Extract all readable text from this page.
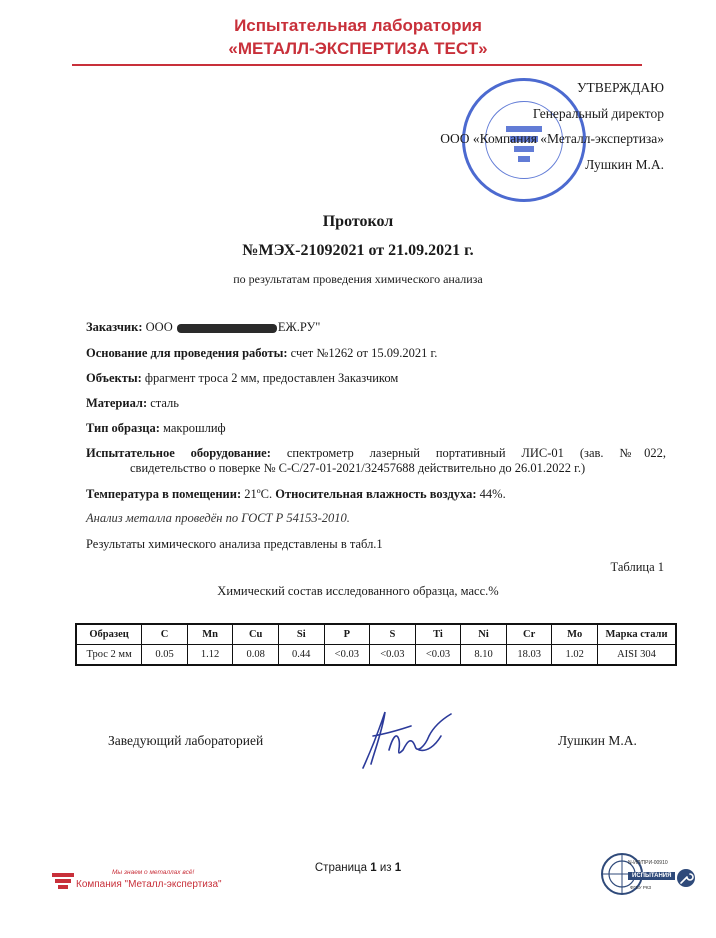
Испытательная лаборатория
«МЕТАЛЛ-ЭКСПЕРТИЗА ТЕСТ»
УТВЕРЖДАЮ
Генеральный директор
ООО «Компания «Металл-экспертиза»
Лушкин М.А.
Протокол
№МЭХ-21092021 от 21.09.2021 г.
по результатам проведения химического анализа
Заказчик: ООО	ЕЖ.РУ"
Основание для проведения работы: счет №1262 от 15.09.2021 г.
Объекты: фрагмент троса 2 мм, предоставлен Заказчиком
Материал: сталь
Тип образца: макрошлиф
Испытательное оборудование: спектрометр лазерный портативный ЛИС-01 (зав. №022,
свидетельство о поверке № С-С/27-01-2021/32457688 действительно до 26.01.2022 г.)
Температура в помещении: 21ºС. Относительная влажность воздуха: 44%.
Анализ металла проведён по ГОСТ Р 54153-2010.
Результаты химического анализа представлены в табл.1
Таблица 1
Химический состав исследованного образца, масс.%
Образец	C	Mn	Cu	Si	P	S	Ti	Ni	Cr	Mo	Марка стали
Трос 2 мм	0.05	1.12	0.08	0.44	<0.03	<0.03	<0.03	8.10	18.03	1.02	AISI 304
Заведующий лабораторией	Лушкин М.А.
Страница 1 из 1
Мы знаем о металлах всё!
Компания "Металл-экспертиза"
N-ИЛ/ПРИ-00910
ИСПЫТАНИЯ
ФГБУ РКЗ
